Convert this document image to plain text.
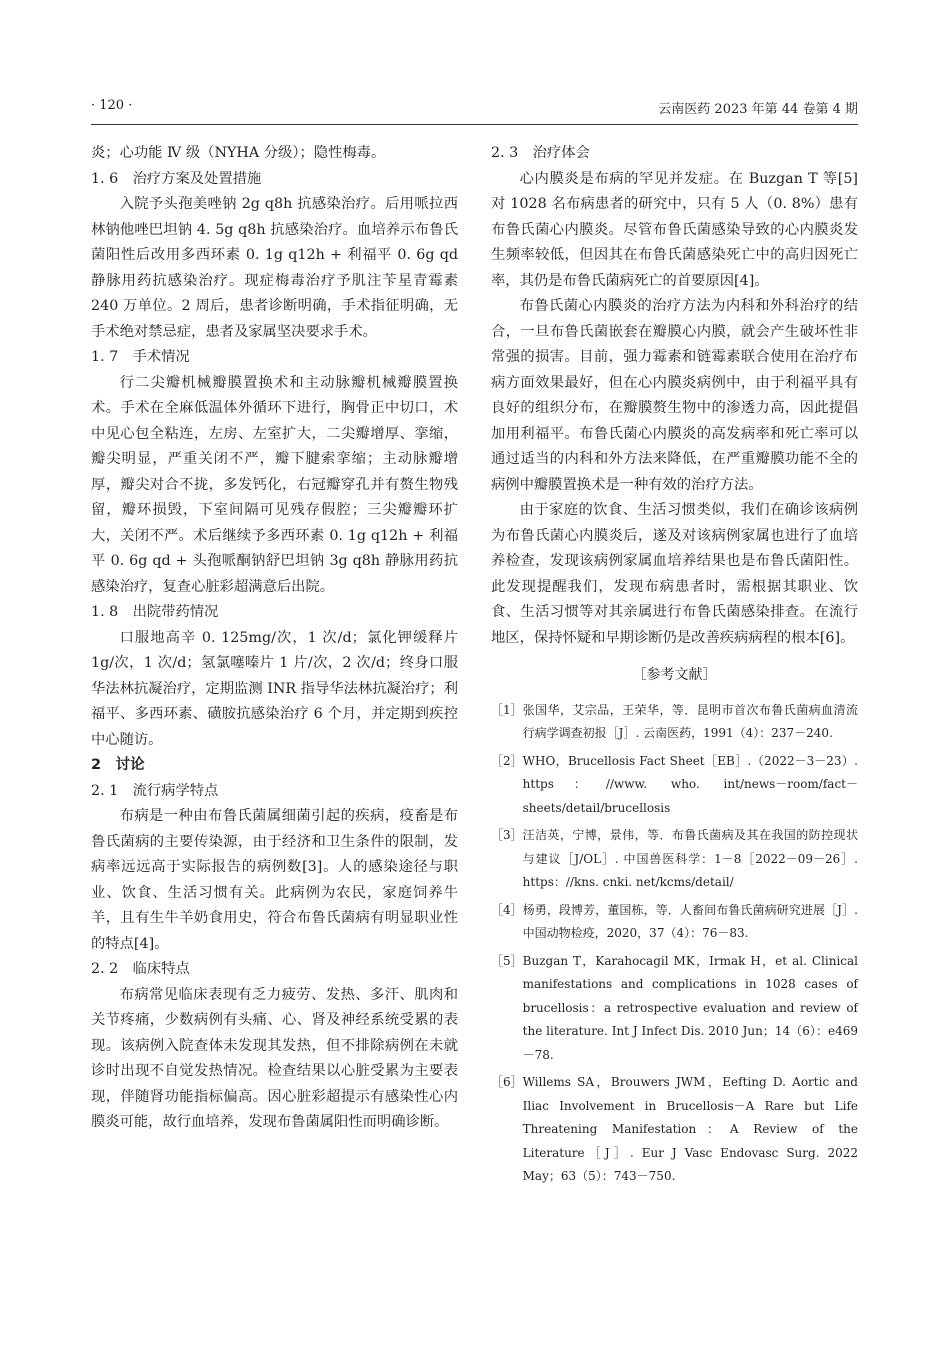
· 120 ·	云南医药 2023 年第 44 卷第 4 期

炎；心功能 Ⅳ 级（NYHA 分级）；隐性梅毒。

1. 6　治疗方案及处置措施

入院予头孢美唑钠 2g q8h 抗感染治疗。后用哌拉西林钠他唑巴坦钠 4. 5g q8h 抗感染治疗。血培养示布鲁氏菌阳性后改用多西环素 0. 1g q12h + 利福平 0. 6g qd 静脉用药抗感染治疗。现症梅毒治疗予肌注苄星青霉素 240 万单位。2 周后，患者诊断明确，手术指征明确，无手术绝对禁忌症，患者及家属坚决要求手术。

1. 7　手术情况

行二尖瓣机械瓣膜置换术和主动脉瓣机械瓣膜置换术。手术在全麻低温体外循环下进行，胸骨正中切口，术中见心包全粘连，左房、左室扩大，二尖瓣增厚、挛缩，瓣尖明显，严重关闭不严，瓣下腱索挛缩；主动脉瓣增厚，瓣尖对合不拢，多发钙化，右冠瓣穿孔并有赘生物残留，瓣环损毁，下室间隔可见残存假腔；三尖瓣瓣环扩大，关闭不严。术后继续予多西环素 0. 1g q12h + 利福平 0. 6g qd + 头孢哌酮钠舒巴坦钠 3g q8h 静脉用药抗感染治疗，复查心脏彩超满意后出院。

1. 8　出院带药情况

口服地高辛 0. 125mg/次，1 次/d；氯化钾缓释片 1g/次，1 次/d；氢氯噻嗪片 1 片/次，2 次/d；终身口服华法林抗凝治疗，定期监测 INR 指导华法林抗凝治疗；利福平、多西环素、磺胺抗感染治疗 6 个月，并定期到疾控中心随访。

2　讨论

2. 1　流行病学特点

布病是一种由布鲁氏菌属细菌引起的疾病，疫畜是布鲁氏菌病的主要传染源，由于经济和卫生条件的限制，发病率远远高于实际报告的病例数[3]。人的感染途径与职业、饮食、生活习惯有关。此病例为农民，家庭饲养牛羊，且有生牛羊奶食用史，符合布鲁氏菌病有明显职业性的特点[4]。

2. 2　临床特点

布病常见临床表现有乏力疲劳、发热、多汗、肌肉和关节疼痛，少数病例有头痛、心、肾及神经系统受累的表现。该病例入院查体未发现其发热，但不排除病例在未就诊时出现不自觉发热情况。检查结果以心脏受累为主要表现，伴随肾功能指标偏高。因心脏彩超提示有感染性心内膜炎可能，故行血培养，发现布鲁菌属阳性而明确诊断。

2. 3　治疗体会

心内膜炎是布病的罕见并发症。在 Buzgan T 等[5]对 1028 名布病患者的研究中，只有 5 人（0. 8%）患有布鲁氏菌心内膜炎。尽管布鲁氏菌感染导致的心内膜炎发生频率较低，但因其在布鲁氏菌感染死亡中的高归因死亡率，其仍是布鲁氏菌病死亡的首要原因[4]。

布鲁氏菌心内膜炎的治疗方法为内科和外科治疗的结合，一旦布鲁氏菌嵌套在瓣膜心内膜，就会产生破坏性非常强的损害。目前，强力霉素和链霉素联合使用在治疗布病方面效果最好，但在心内膜炎病例中，由于利福平具有良好的组织分布，在瓣膜赘生物中的渗透力高，因此提倡加用利福平。布鲁氏菌心内膜炎的高发病率和死亡率可以通过适当的内科和外方法来降低，在严重瓣膜功能不全的病例中瓣膜置换术是一种有效的治疗方法。

由于家庭的饮食、生活习惯类似，我们在确诊该病例为布鲁氏菌心内膜炎后，遂及对该病例家属也进行了血培养检查，发现该病例家属血培养结果也是布鲁氏菌阳性。此发现提醒我们，发现布病患者时，需根据其职业、饮食、生活习惯等对其亲属进行布鲁氏菌感染排查。在流行地区，保持怀疑和早期诊断仍是改善疾病病程的根本[6]。

［参考文献］
［1］ 张国华，艾宗品，王荣华，等．昆明市首次布鲁氏菌病血清流行病学调查初报［J］. 云南医药，1991（4）：237－240.
［2］ WHO，Brucellosis Fact Sheet［EB］.（2022－3－23）. https：//www. who. int/news－room/fact－sheets/detail/brucellosis
［3］ 汪洁英，宁博，景伟，等．布鲁氏菌病及其在我国的防控现状与建议［J/OL］. 中国兽医科学：1－8［2022－09－26］. https：//kns. cnki. net/kcms/detail/
［4］ 杨勇，段博芳，董国栋，等．人畜间布鲁氏菌病研究进展［J］. 中国动物检疫，2020，37（4）：76－83.
［5］ Buzgan T，Karahocagil MK，Irmak H，et al. Clinical manifestations and complications in 1028 cases of brucellosis：a retrospective evaluation and review of the literature. Int J Infect Dis. 2010 Jun；14（6）：e469－78.
［6］ Willems SA，Brouwers JWM，Eefting D. Aortic and Iliac Involvement in Brucellosis－A Rare but Life Threatening Manifestation：A Review of the Literature［J］. Eur J Vasc Endovasc Surg. 2022 May；63（5）：743－750.
